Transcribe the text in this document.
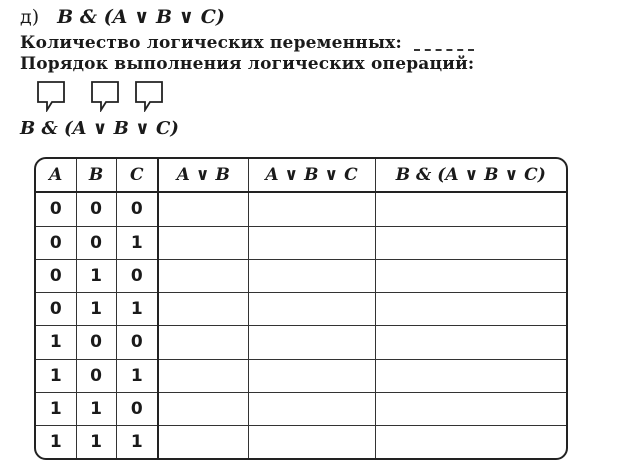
д) B & (A ∨ B ∨ C)
Количество логических переменных:
Порядок выполнения логических операций:
B & (A ∨ B ∨ C)
A	B	C	A ∨ B	A ∨ B ∨ C	B & (A ∨ B ∨ C)
0	0	0			
0	0	1			
0	1	0			
0	1	1			
1	0	0			
1	0	1			
1	1	0			
1	1	1			
